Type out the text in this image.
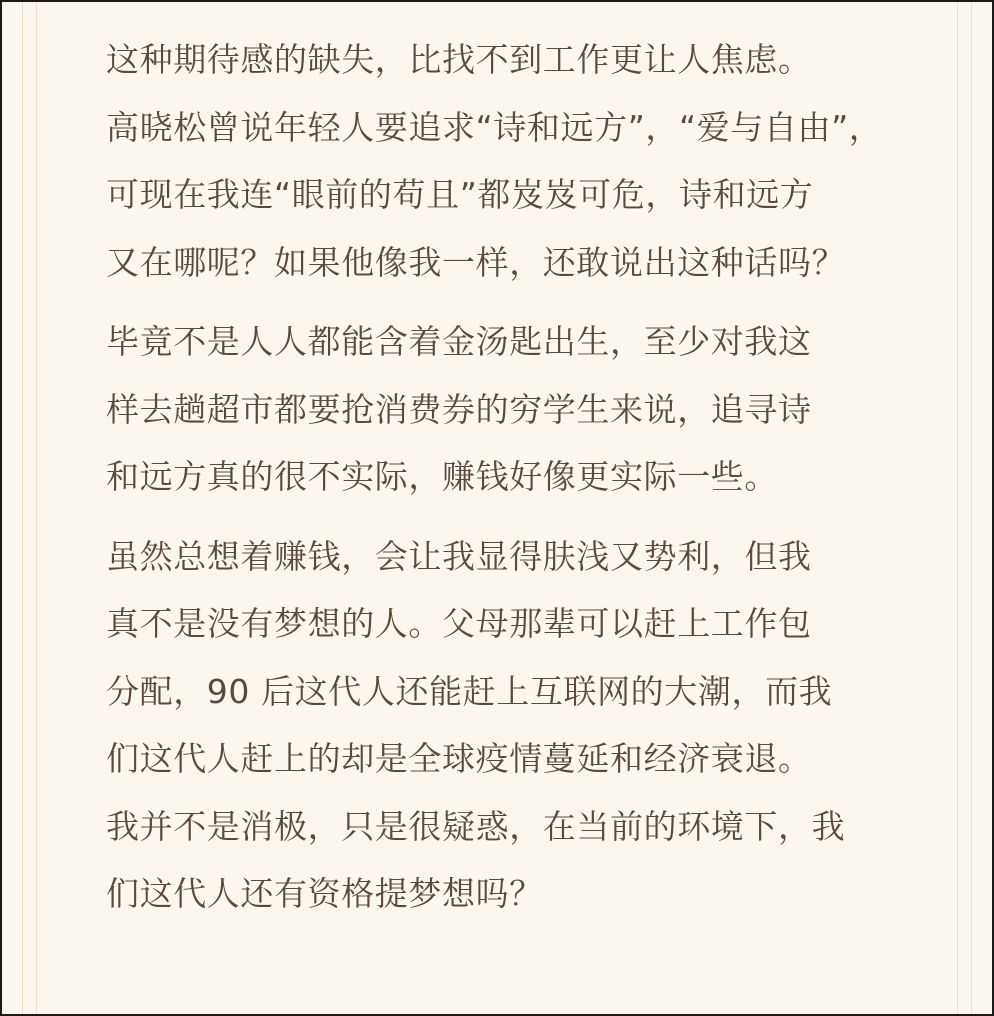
这种期待感的缺失，比找不到工作更让人焦虑。
高晓松曾说年轻人要追求“诗和远方”，“爱与自由”，
可现在我连“眼前的苟且”都岌岌可危，诗和远方
又在哪呢？如果他像我一样，还敢说出这种话吗？
毕竟不是人人都能含着金汤匙出生，至少对我这
样去趟超市都要抢消费券的穷学生来说，追寻诗
和远方真的很不实际，赚钱好像更实际一些。
虽然总想着赚钱，会让我显得肤浅又势利，但我
真不是没有梦想的人。父母那辈可以赶上工作包
分配，90 后这代人还能赶上互联网的大潮，而我
们这代人赶上的却是全球疫情蔓延和经济衰退。
我并不是消极，只是很疑惑，在当前的环境下，我
们这代人还有资格提梦想吗？
